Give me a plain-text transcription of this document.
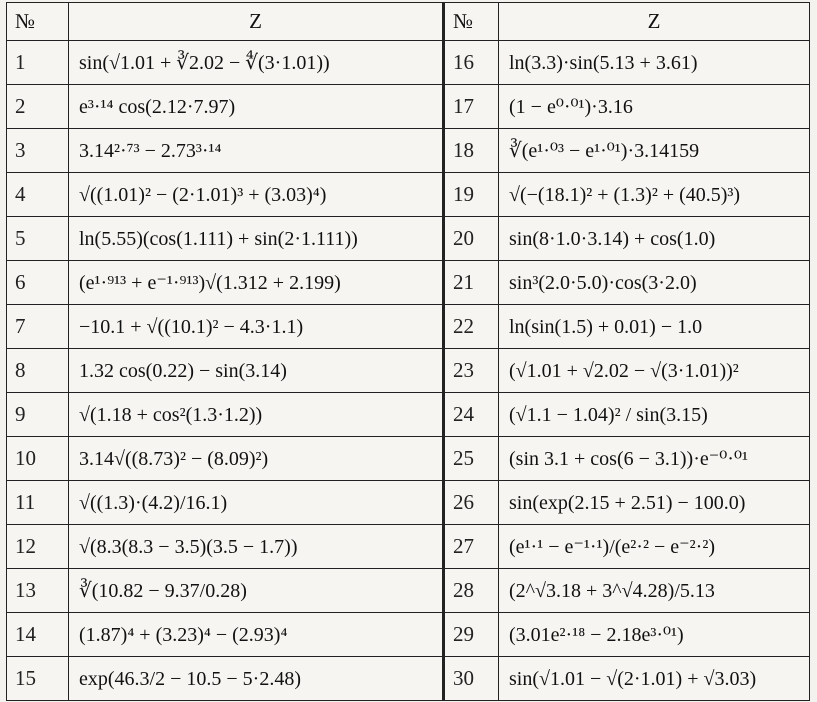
№	Z	№	Z
1	sin(√1.01 + ∛2.02 − ∜(3·1.01))	16	ln(3.3)·sin(5.13 + 3.61)
2	e³·¹⁴ cos(2.12·7.97)	17	(1 − e⁰·⁰¹)·3.16
3	3.14²·⁷³ − 2.73³·¹⁴	18	∛(e¹·⁰³ − e¹·⁰¹)·3.14159
4	√((1.01)² − (2·1.01)³ + (3.03)⁴)	19	√(−(18.1)² + (1.3)² + (40.5)³)
5	ln(5.55)(cos(1.111) + sin(2·1.111))	20	sin(8·1.0·3.14) + cos(1.0)
6	(e¹·⁹¹³ + e⁻¹·⁹¹³)√(1.312 + 2.199)	21	sin³(2.0·5.0)·cos(3·2.0)
7	−10.1 + √((10.1)² − 4.3·1.1)	22	ln(sin(1.5) + 0.01) − 1.0
8	1.32 cos(0.22) − sin(3.14)	23	(√1.01 + √2.02 − √(3·1.01))²
9	√(1.18 + cos²(1.3·1.2))	24	(√1.1 − 1.04)² / sin(3.15)
10	3.14√((8.73)² − (8.09)²)	25	(sin 3.1 + cos(6 − 3.1))·e⁻⁰·⁰¹
11	√((1.3)·(4.2)/16.1)	26	sin(exp(2.15 + 2.51) − 100.0)
12	√(8.3(8.3 − 3.5)(3.5 − 1.7))	27	(e¹·¹ − e⁻¹·¹)/(e²·² − e⁻²·²)
13	∛(10.82 − 9.37/0.28)	28	(2^√3.18 + 3^√4.28)/5.13
14	(1.87)⁴ + (3.23)⁴ − (2.93)⁴	29	(3.01e²·¹⁸ − 2.18e³·⁰¹)
15	exp(46.3/2 − 10.5 − 5·2.48)	30	sin(√1.01 − √(2·1.01) + √3.03)
